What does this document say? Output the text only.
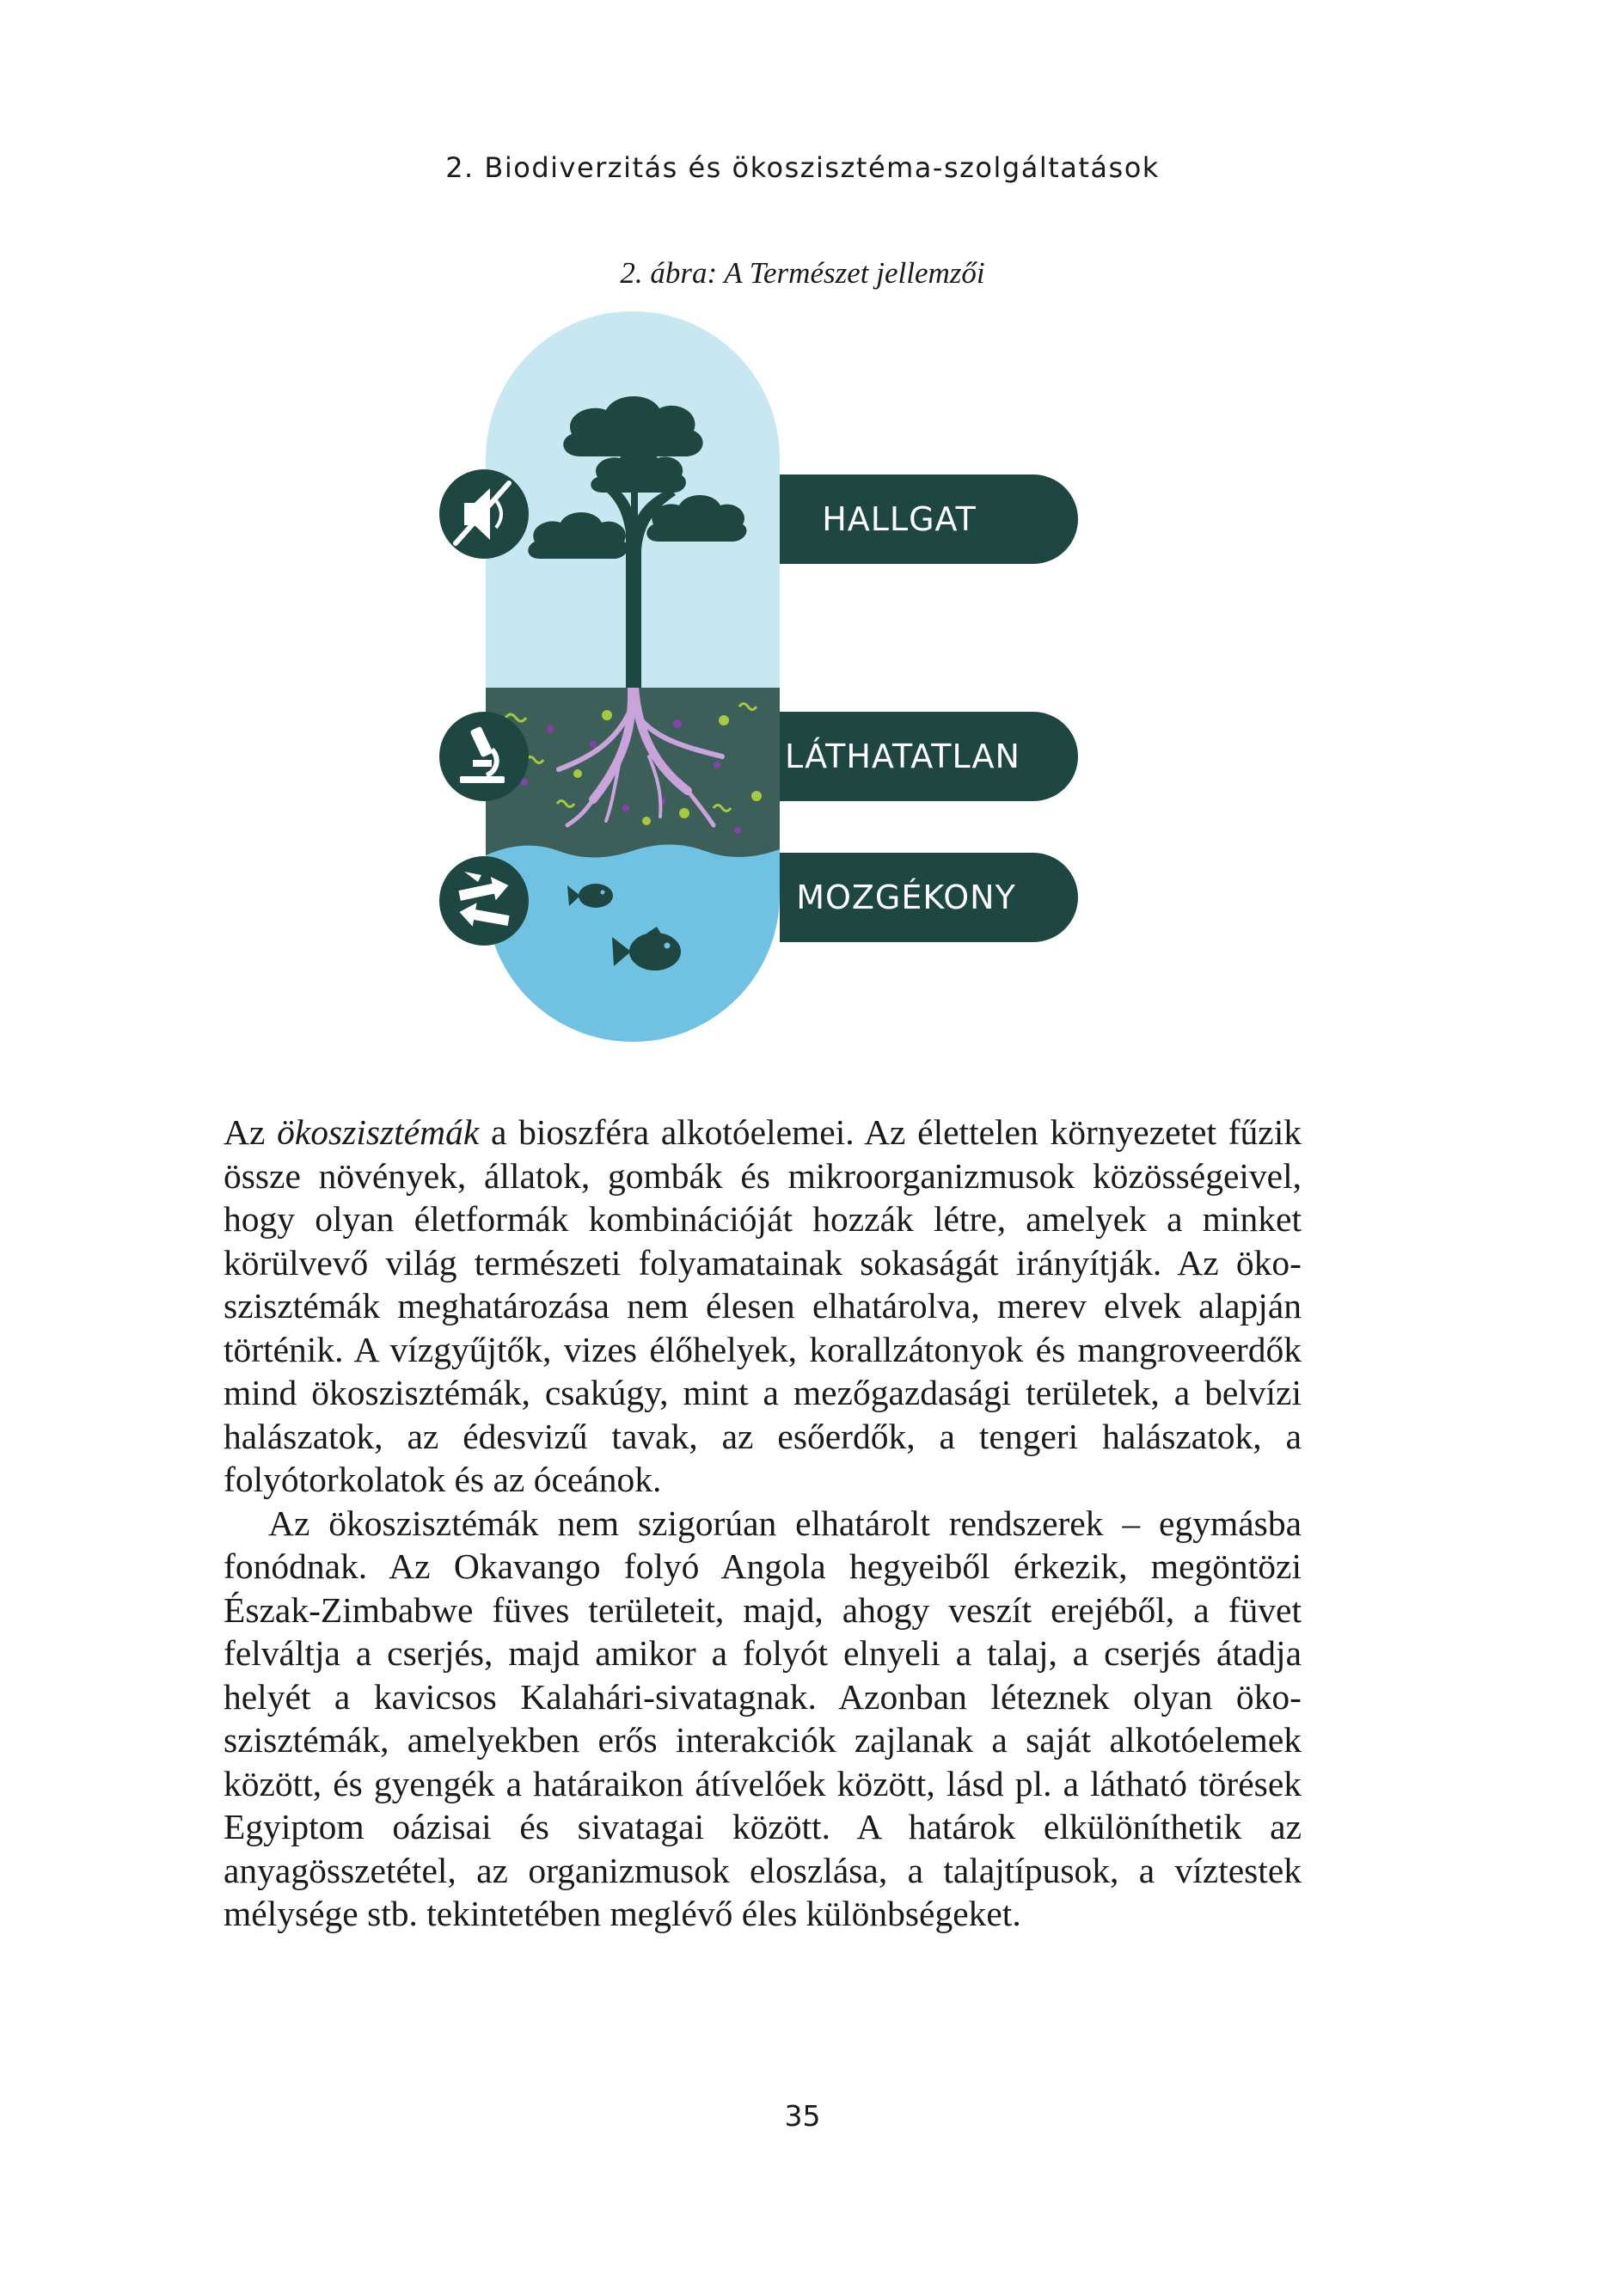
2. Biodiverzitás és ökoszisztéma-szolgáltatások
2. ábra: A Természet jellemzői
HALLGAT
LÁTHATATLAN
MOZGÉKONY

Az ökoszisztémák a bioszféra alkotóelemei. Az élettelen környezetet fűzik össze növények, állatok, gombák és mikroorganizmusok közösségeivel, hogy olyan életformák kombinációját hozzák létre, amelyek a minket körülvevő világ természeti folyamatainak sokaságát irányítják. Az ökoszisztémák meghatározása nem élesen elhatárolva, merev elvek alapján történik. A vízgyűjtők, vizes élőhelyek, korallzátonyok és mangroveerdők mind ökoszisztémák, csakúgy, mint a mezőgazdasági területek, a belvízi halászatok, az édesvizű tavak, az esőerdők, a tengeri halászatok, a folyótorkolatok és az óceánok.

Az ökoszisztémák nem szigorúan elhatárolt rendszerek – egymásba fonódnak. Az Okavango folyó Angola hegyeiből érkezik, megöntözi Észak-Zimbabwe füves területeit, majd, ahogy veszít erejéből, a füvet felváltja a cserjés, majd amikor a folyót elnyeli a talaj, a cserjés átadja helyét a kavicsos Kalahári-sivatagnak. Azonban léteznek olyan ökoszisztémák, amelyekben erős interakciók zajlanak a saját alkotóelemek között, és gyengék a határaikon átívelőek között, lásd pl. a látható törések Egyiptom oázisai és sivatagai között. A határok elkülöníthetik az anyagösszetétel, az organizmusok eloszlása, a talajtípusok, a víztestek mélysége stb. tekintetében meglévő éles különbségeket.

35
